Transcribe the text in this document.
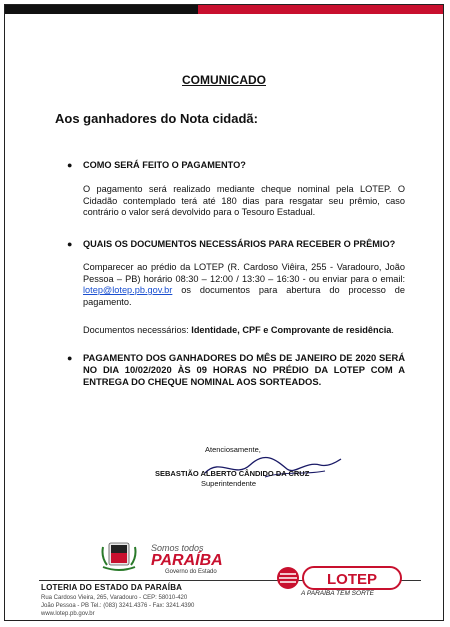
COMUNICADO
Aos ganhadores do Nota cidadã:
●	COMO SERÁ FEITO O PAGAMENTO?
O pagamento será realizado mediante cheque nominal pela LOTEP. O Cidadão contemplado terá até 180 dias para resgatar seu prêmio, caso contrário o valor será devolvido para o Tesouro Estadual.
●	QUAIS OS DOCUMENTOS NECESSÁRIOS PARA RECEBER O PRÊMIO?
Comparecer ao prédio da LOTEP (R. Cardoso Viêira, 255 - Varadouro, João Pessoa – PB) horário 08:30 – 12:00 / 13:30 – 16:30 - ou enviar para o email: lotep@lotep.pb.gov.br os documentos para abertura do processo de pagamento.
Documentos necessários: Identidade, CPF e Comprovante de residência.
●	PAGAMENTO DOS GANHADORES DO MÊS DE JANEIRO DE 2020 SERÁ NO DIA 10/02/2020 ÀS 09 HORAS NO PRÉDIO DA LOTEP COM A ENTREGA DO CHEQUE NOMINAL AOS SORTEADOS.
Atenciosamente,
SEBASTIÃO ALBERTO CÂNDIDO DA CRUZ
Superintendente
Somos todos
PARAÍBA
Governo do Estado
LOTERIA DO ESTADO DA PARAÍBA
Rua Cardoso Vieira, 265, Varadouro - CEP: 58010-420
João Pessoa - PB Tel.: (083) 3241.4376 - Fax: 3241.4390
www.lotep.pb.gov.br
LOTEP
A PARAÍBA TEM SORTE
